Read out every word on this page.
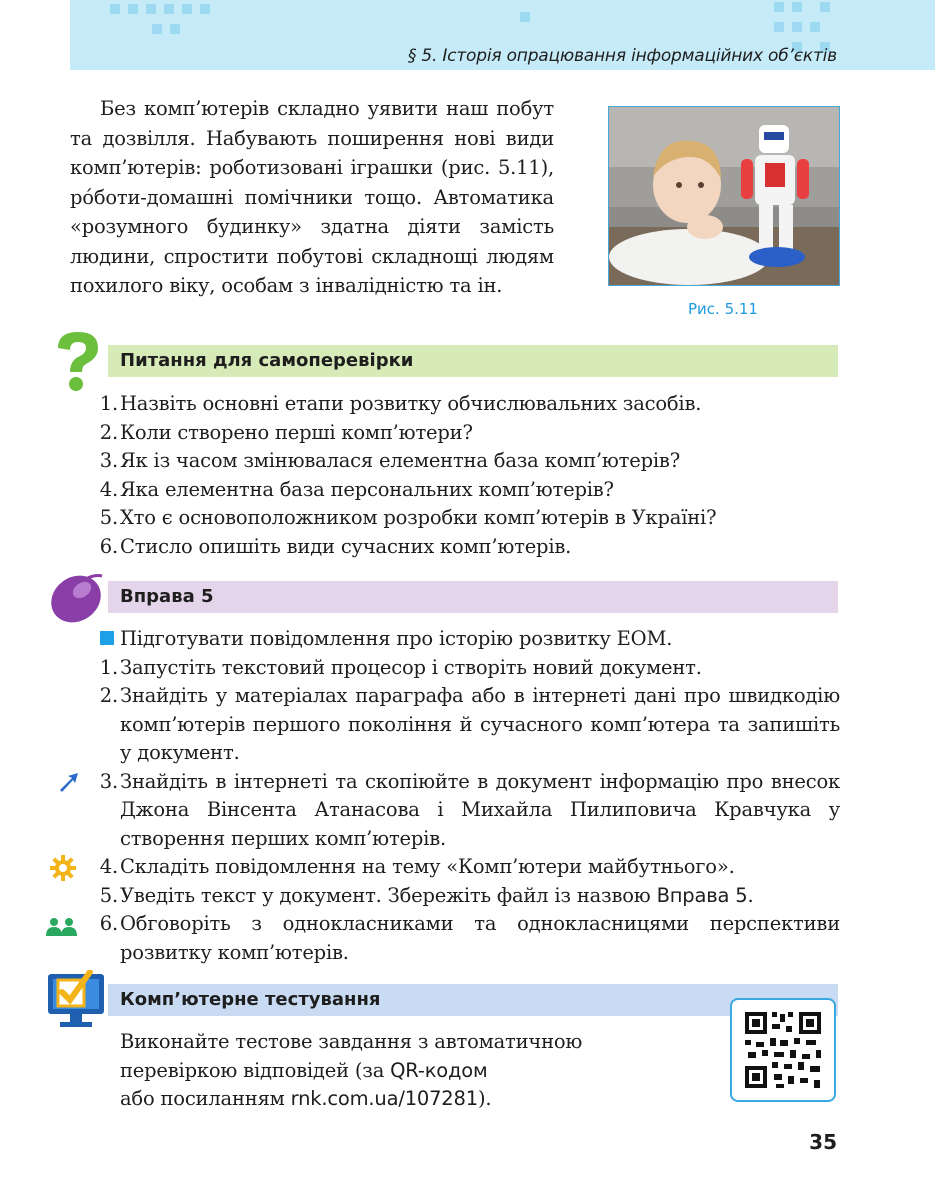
§ 5. Історія опрацювання інформаційних об’єктів
Без комп’ютерів складно уявити наш побут та дозвілля. Набувають поширення нові види комп’ютерів: роботизовані іграшки (рис. 5.11), рóботи-домашні помічники тощо. Автоматика «розумного будинку» здатна діяти замість людини, спростити побутові складнощі людям похилого віку, особам з інвалідністю та ін.
Рис. 5.11
Питання для самоперевірки
1. Назвіть основні етапи розвитку обчислювальних засобів.
2. Коли створено перші комп’ютери?
3. Як із часом змінювалася елементна база комп’ютерів?
4. Яка елементна база персональних комп’ютерів?
5. Хто є основоположником розробки комп’ютерів в Україні?
6. Стисло опишіть види сучасних комп’ютерів.
Вправа 5
Підготувати повідомлення про історію розвитку ЕОМ.
1. Запустіть текстовий процесор і створіть новий документ.
2. Знайдіть у матеріалах параграфа або в інтернеті дані про швидкодію комп’ютерів першого покоління й сучасного комп’ютера та запишіть у документ.
3. Знайдіть в інтернеті та скопіюйте в документ інформацію про внесок Джона Вінсента Атанасова і Михайла Пилиповича Кравчука у створення перших комп’ютерів.
4. Складіть повідомлення на тему «Комп’ютери майбутнього».
5. Уведіть текст у документ. Збережіть файл із назвою Вправа 5.
6. Обговоріть з однокласниками та однокласницями перспективи розвитку комп’ютерів.
Комп’ютерне тестування
Виконайте тестове завдання з автоматичною
перевіркою відповідей (за QR-кодом
або посиланням rnk.com.ua/107281).
35
